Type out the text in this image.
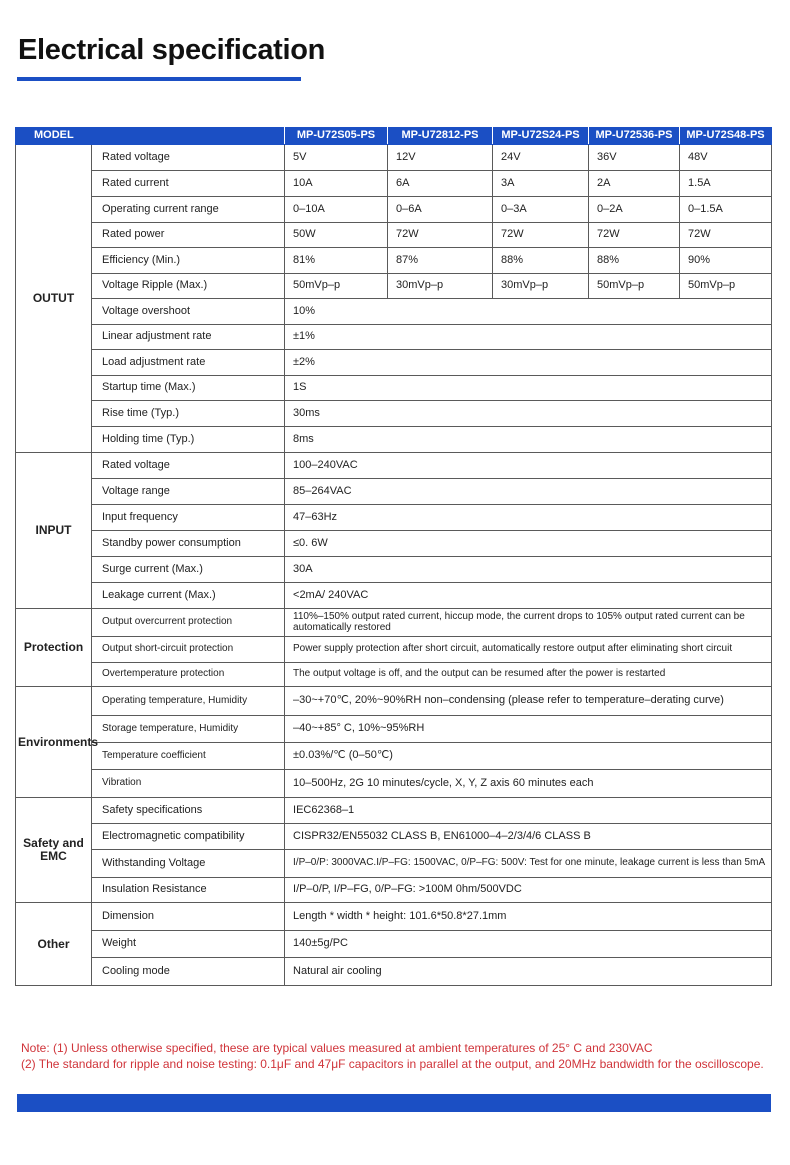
Electrical specification
MODEL		MP-U72S05-PS	MP-U72812-PS	MP-U72S24-PS	MP-U72536-PS	MP-U72S48-PS
OUTUT	Rated voltage	5V	12V	24V	36V	48V
	Rated current	10A	6A	3A	2A	1.5A
	Operating current range	0–10A	0–6A	0–3A	0–2A	0–1.5A
	Rated power	50W	72W	72W	72W	72W
	Efficiency (Min.)	81%	87%	88%	88%	90%
	Voltage Ripple (Max.)	50mVp–p	30mVp–p	30mVp–p	50mVp–p	50mVp–p
	Voltage overshoot	10%				
	Linear adjustment rate	±1%				
	Load adjustment rate	±2%				
	Startup time (Max.)	1S				
	Rise time (Typ.)	30ms				
	Holding time (Typ.)	8ms				
INPUT	Rated voltage	100–240VAC				
	Voltage range	85–264VAC				
	Input frequency	47–63Hz				
	Standby power consumption	≤0. 6W				
	Surge current (Max.)	30A				
	Leakage current (Max.)	<2mA/ 240VAC				
Protection	Output overcurrent protection	110%–150% output rated current, hiccup mode, the current drops to 105% output rated current can be automatically restored				
	Output short-circuit protection	Power supply protection after short circuit, automatically restore output after eliminating short circuit				
	Overtemperature protection	The output voltage is off, and the output can be resumed after the power is restarted				
Environments	Operating temperature, Humidity	–30~+70℃, 20%~90%RH non–condensing (please refer to temperature–derating curve)				
	Storage temperature, Humidity	–40~+85° C, 10%~95%RH				
	Temperature coefficient	±0.03%/℃ (0–50℃)				
	Vibration	10–500Hz, 2G 10 minutes/cycle, X, Y, Z axis 60 minutes each				
Safety and EMC	Safety specifications	IEC62368–1				
	Electromagnetic compatibility	CISPR32/EN55032 CLASS B, EN61000–4–2/3/4/6 CLASS B				
	Withstanding Voltage	I/P–0/P: 3000VAC.I/P–FG: 1500VAC, 0/P–FG: 500V: Test for one minute, leakage current is less than 5mA				
	Insulation Resistance	I/P–0/P, I/P–FG, 0/P–FG: >100M 0hm/500VDC				
Other	Dimension	Length * width * height: 101.6*50.8*27.1mm				
	Weight	140±5g/PC				
	Cooling mode	Natural air cooling				
Note: (1) Unless otherwise specified, these are typical values measured at ambient temperatures of 25° C and 230VAC
(2) The standard for ripple and noise testing: 0.1μF and 47μF capacitors in parallel at the output, and 20MHz bandwidth for the oscilloscope.
